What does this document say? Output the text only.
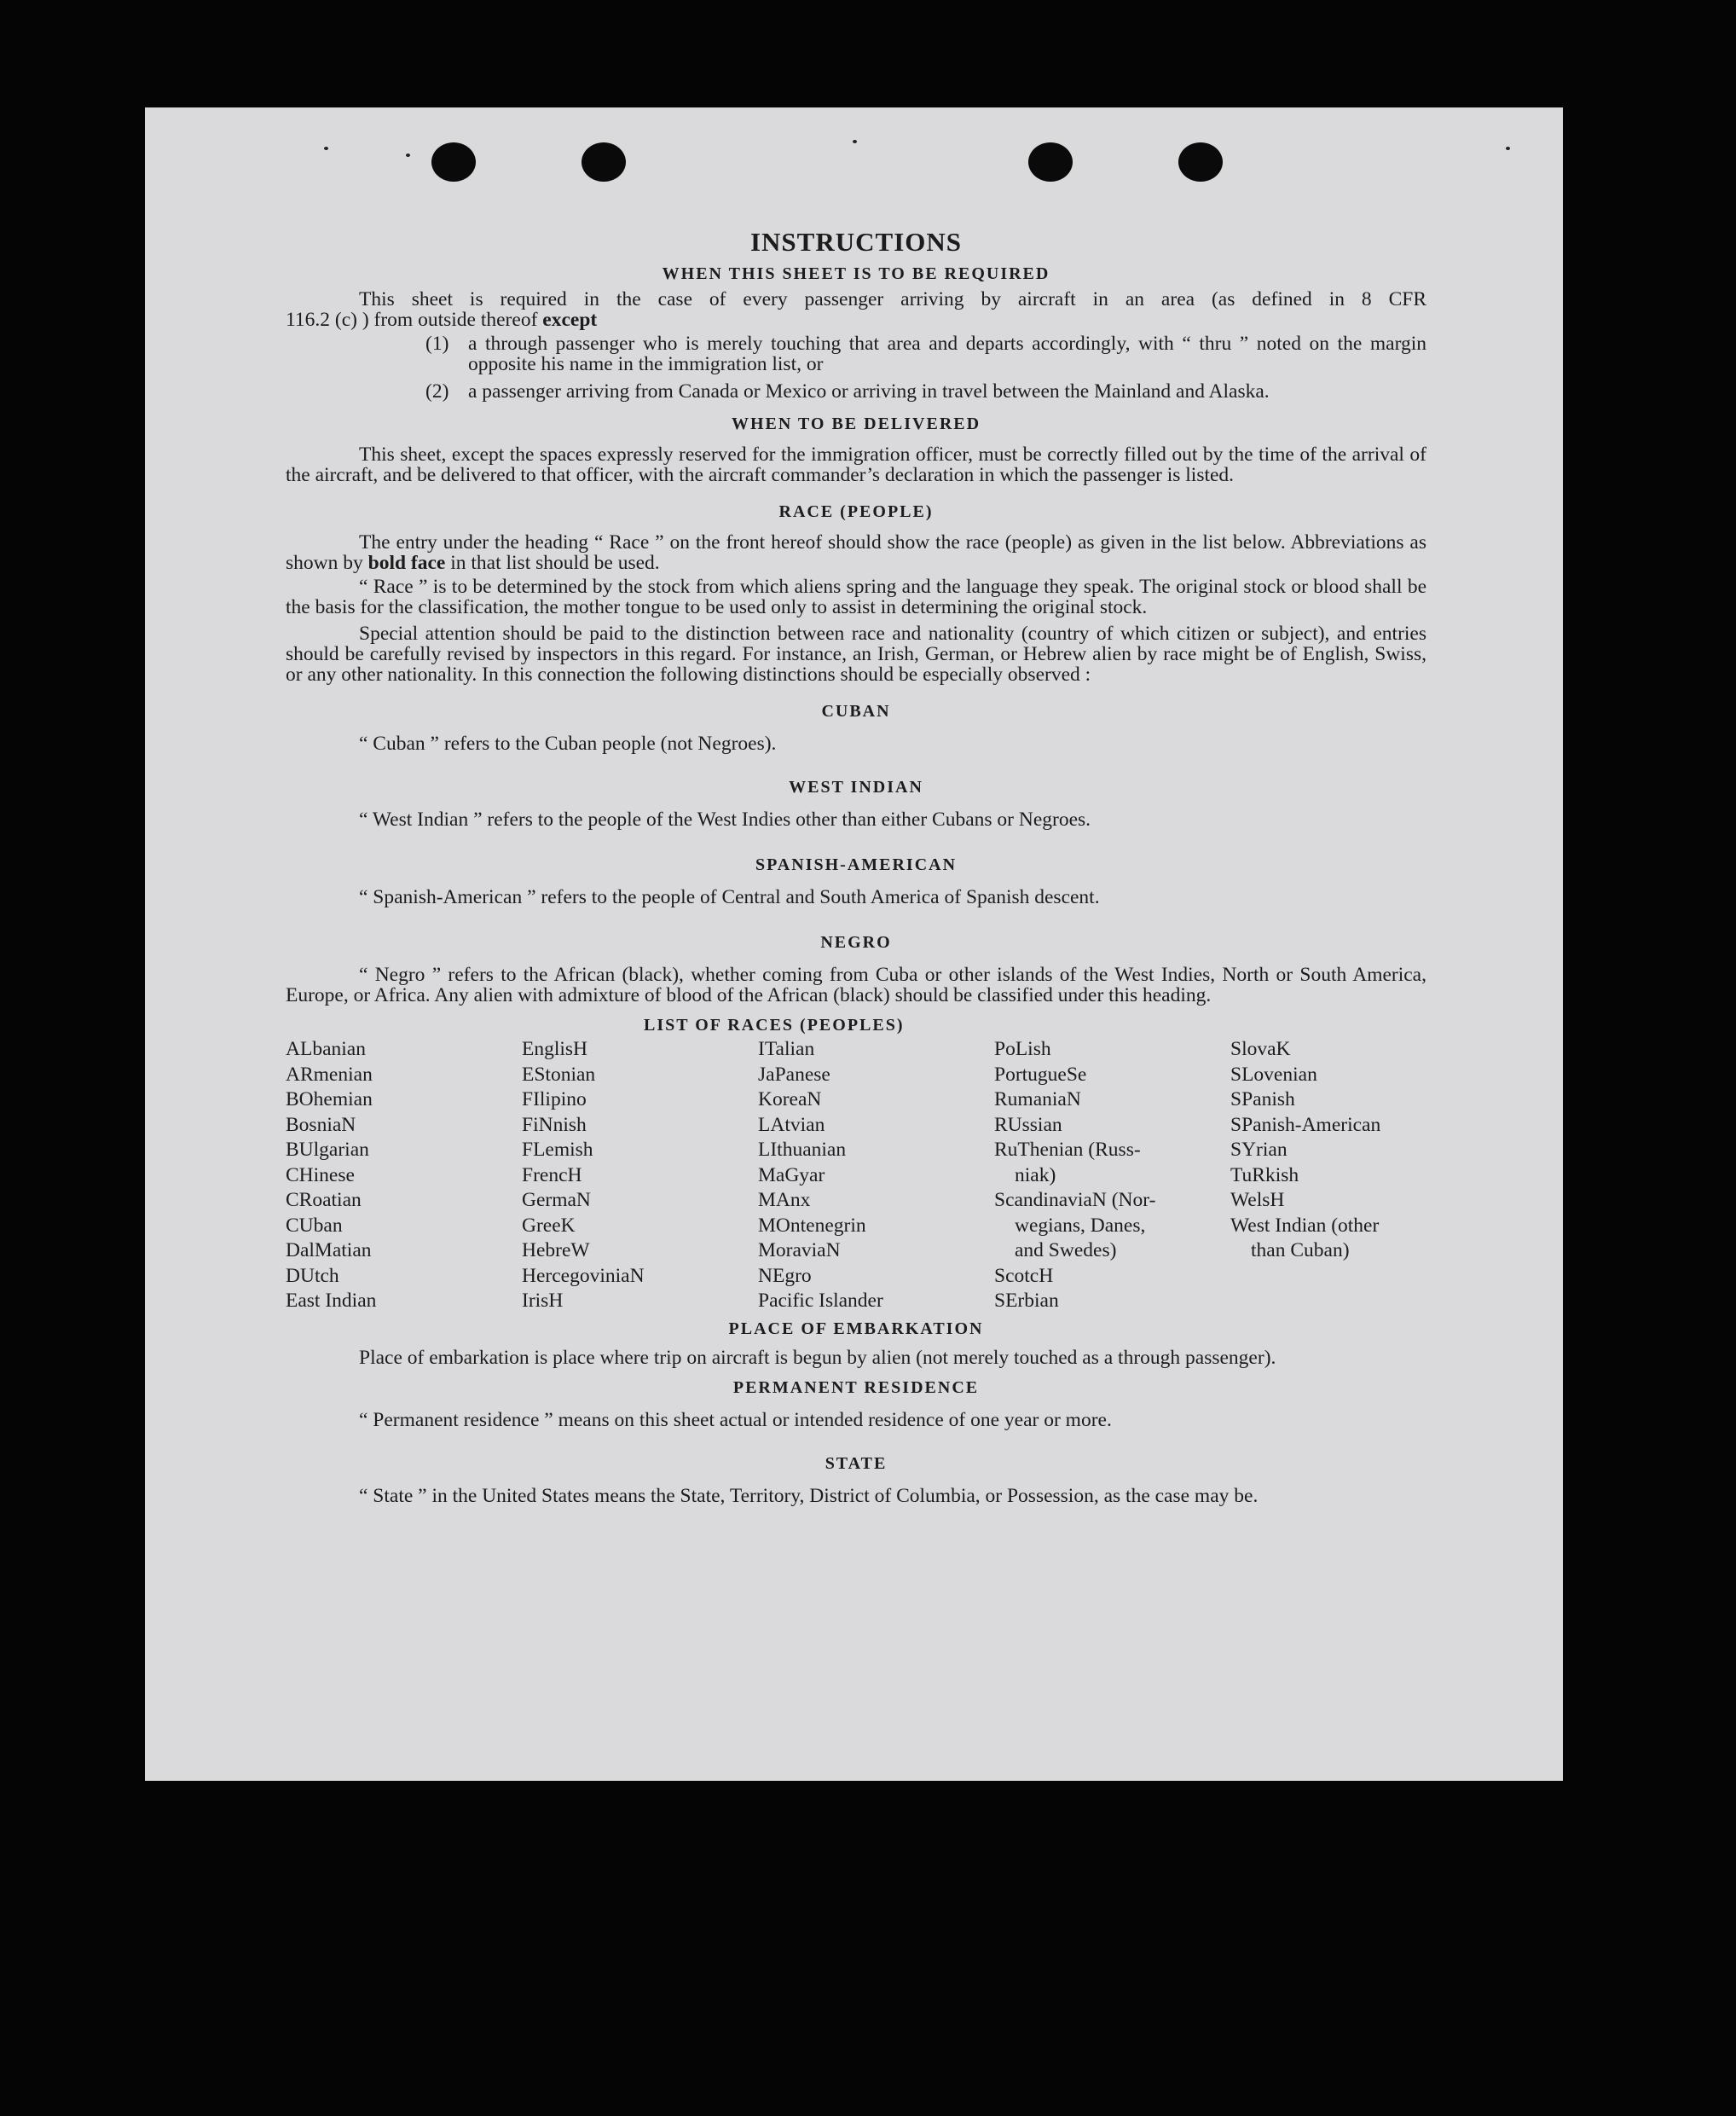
INSTRUCTIONS
WHEN THIS SHEET IS TO BE REQUIRED

This sheet is required in the case of every passenger arriving by aircraft in an area (as defined in 8 CFR

116.2 (c) ) from outside thereof except

(1) a through passenger who is merely touching that area and departs accordingly, with “ thru ” noted on the margin opposite his name in the immigration list, or
(2) a passenger arriving from Canada or Mexico or arriving in travel between the Mainland and Alaska.
WHEN TO BE DELIVERED

This sheet, except the spaces expressly reserved for the immigration officer, must be correctly filled out by the time of the arrival of the aircraft, and be delivered to that officer, with the aircraft commander’s declaration in which the passenger is listed.

RACE (PEOPLE)

The entry under the heading “ Race ” on the front hereof should show the race (people) as given in the list below. Abbreviations as shown by bold face in that list should be used.

“ Race ” is to be determined by the stock from which aliens spring and the language they speak. The original stock or blood shall be the basis for the classification, the mother tongue to be used only to assist in determining the original stock.

Special attention should be paid to the distinction between race and nationality (country of which citizen or subject), and entries should be carefully revised by inspectors in this regard. For instance, an Irish, German, or Hebrew alien by race might be of English, Swiss, or any other nationality. In this connection the following distinctions should be especially observed :

CUBAN

“ Cuban ” refers to the Cuban people (not Negroes).

WEST INDIAN

“ West Indian ” refers to the people of the West Indies other than either Cubans or Negroes.

SPANISH-AMERICAN

“ Spanish-American ” refers to the people of Central and South America of Spanish descent.

NEGRO

“ Negro ” refers to the African (black), whether coming from Cuba or other islands of the West Indies, North or South America, Europe, or Africa. Any alien with admixture of blood of the African (black) should be classified under this heading.

LIST OF RACES (PEOPLES)
ALbanian	EnglisH	ITalian	PoLish	SlovaK
ARmenian	EStonian	JaPanese	PortugueSe	SLovenian
BOhemian	FIlipino	KoreaN	RumaniaN	SPanish
BosniaN	FiNnish	LAtvian	RUssian	SPanish-American
BUlgarian	FLemish	LIthuanian	RuThenian (Russ-	SYrian
CHinese	FrencH	MaGyar	niak)	TuRkish
CRoatian	GermaN	MAnx	ScandinaviaN (Nor-	WelsH
CUban	GreeK	MOntenegrin	wegians, Danes,	West Indian (other
DalMatian	HebreW	MoraviaN	and Swedes)	than Cuban)
DUtch	HercegoviniaN	NEgro	ScotcH
East Indian	IrisH	Pacific Islander	SErbian
PLACE OF EMBARKATION

Place of embarkation is place where trip on aircraft is begun by alien (not merely touched as a through passenger).

PERMANENT RESIDENCE

“ Permanent residence ” means on this sheet actual or intended residence of one year or more.

STATE

“ State ” in the United States means the State, Territory, District of Columbia, or Possession, as the case may be.
